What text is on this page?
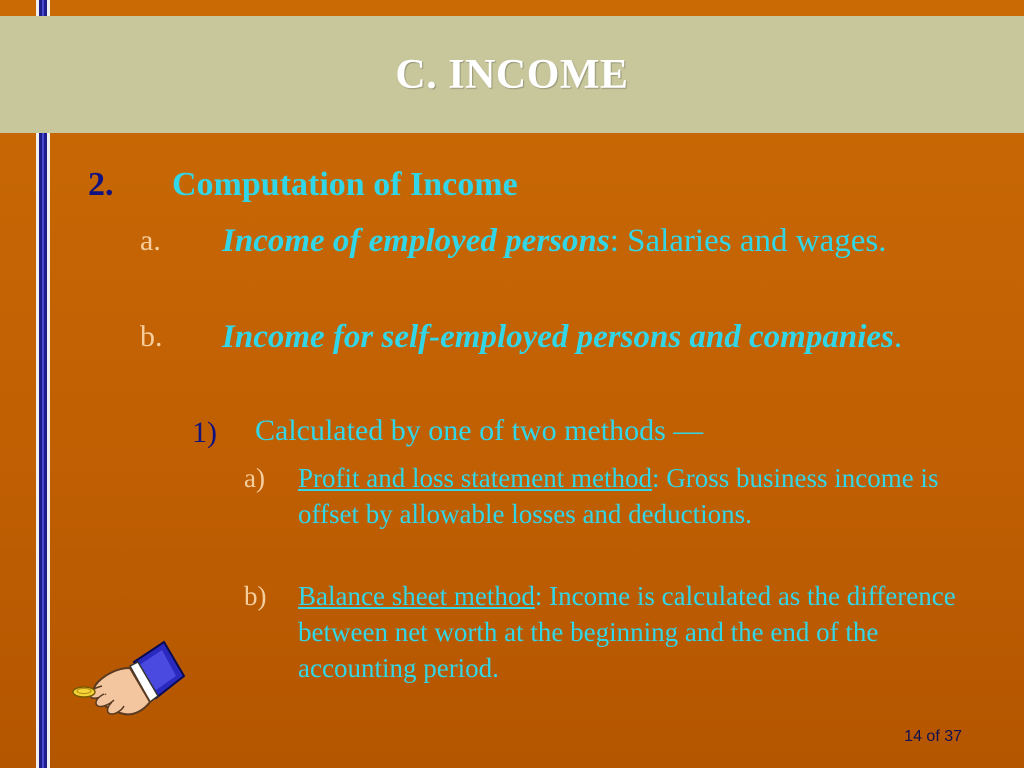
C. INCOME
2. Computation of Income
a. Income of employed persons: Salaries and wages.
b. Income for self-employed persons and companies.
1) Calculated by one of two methods —
a) Profit and loss statement method: Gross business income is offset by allowable losses and deductions.
b) Balance sheet method: Income is calculated as the difference between net worth at the beginning and the end of the accounting period.
14 of 37
